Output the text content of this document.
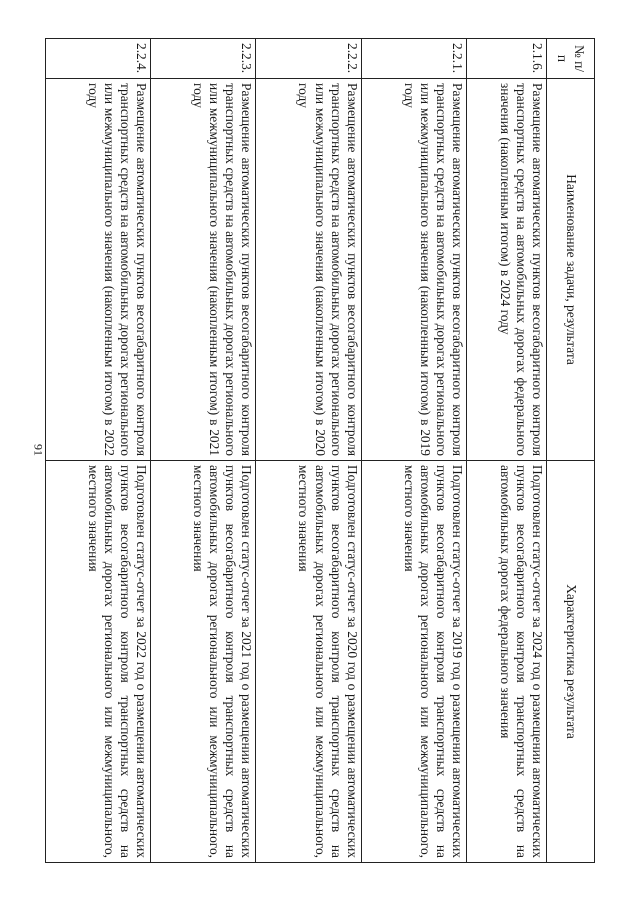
91
№ п/п	Наименование задачи, результата	Характеристика результата
2.1.6.	Размещение автоматических пунктов весогабаритного контроля транспортных средств на автомобильных дорогах федерального значения (накопленным итогом) в 2024 году	Подготовлен статус-отчет за 2024 год о размещении автоматических пунктов весогабаритного контроля транспортных средств на автомобильных дорогах федерального значения
2.2.1.	Размещение автоматических пунктов весогабаритного контроля транспортных средств на автомобильных дорогах регионального или межмуниципального значения (накопленным итогом) в 2019 году	Подготовлен статус-отчет за 2019 год о размещении автоматических пунктов весогабаритного контроля транспортных средств на автомобильных дорогах регионального или межмуниципального, местного значения
2.2.2.	Размещение автоматических пунктов весогабаритного контроля транспортных средств на автомобильных дорогах регионального или межмуниципального значения (накопленным итогом) в 2020 году	Подготовлен статус-отчет за 2020 год о размещении автоматических пунктов весогабаритного контроля транспортных средств на автомобильных дорогах регионального или межмуниципального, местного значения
2.2.3.	Размещение автоматических пунктов весогабаритного контроля транспортных средств на автомобильных дорогах регионального или межмуниципального значения (накопленным итогом) в 2021 году	Подготовлен статус-отчет за 2021 год о размещении автоматических пунктов весогабаритного контроля транспортных средств на автомобильных дорогах регионального или межмуниципального, местного значения
2.2.4.	Размещение автоматических пунктов весогабаритного контроля транспортных средств на автомобильных дорогах регионального или межмуниципального значения (накопленным итогом) в 2022 году	Подготовлен статус-отчет за 2022 год о размещении автоматических пунктов весогабаритного контроля транспортных средств на автомобильных дорогах регионального или межмуниципального, местного значения
